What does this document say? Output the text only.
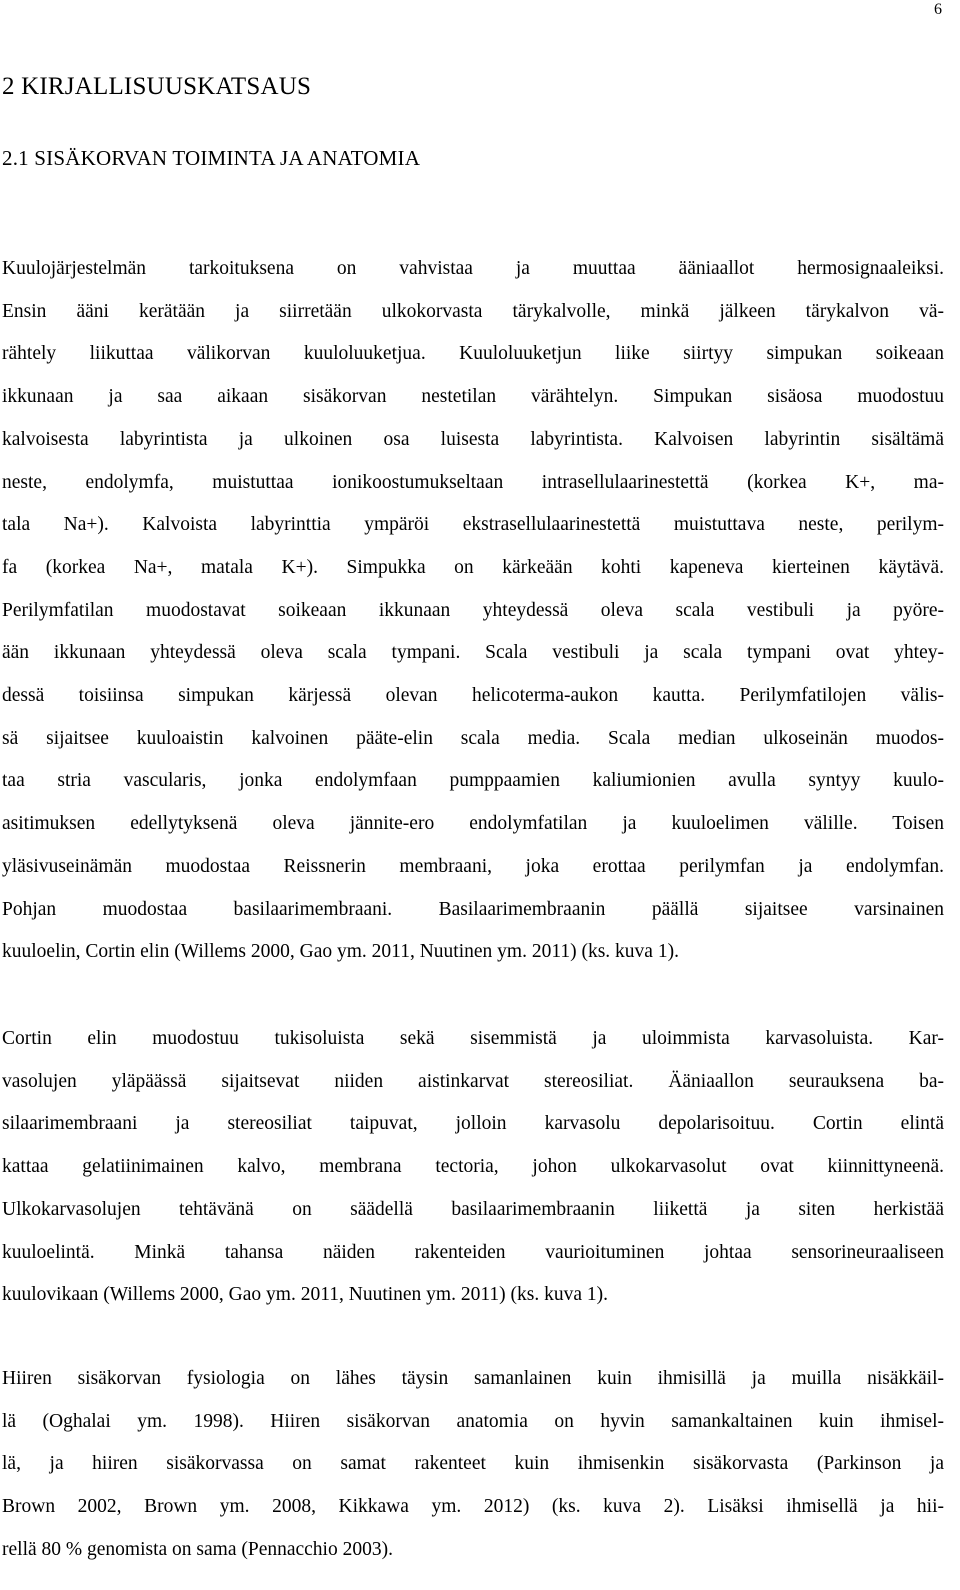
6
2 KIRJALLISUUSKATSAUS
2.1 SISÄKORVAN TOIMINTA JA ANATOMIA
Kuulojärjestelmän tarkoituksena on vahvistaa ja muuttaa ääniaallot hermosignaaleiksi.
Ensin ääni kerätään ja siirretään ulkokorvasta tärykalvolle, minkä jälkeen tärykalvon vä-
rähtely liikuttaa välikorvan kuuloluuketjua. Kuuloluuketjun liike siirtyy simpukan soikeaan
ikkunaan ja saa aikaan sisäkorvan nestetilan värähtelyn. Simpukan sisäosa muodostuu
kalvoisesta labyrintista ja ulkoinen osa luisesta labyrintista. Kalvoisen labyrintin sisältämä
neste, endolymfa, muistuttaa ionikoostumukseltaan intrasellulaarinestettä (korkea K+, ma-
tala Na+). Kalvoista labyrinttia ympäröi ekstrasellulaarinestettä muistuttava neste, perilym-
fa (korkea Na+, matala K+). Simpukka on kärkeään kohti kapeneva kierteinen käytävä.
Perilymfatilan muodostavat soikeaan ikkunaan yhteydessä oleva scala vestibuli ja pyöre-
ään ikkunaan yhteydessä oleva scala tympani. Scala vestibuli ja scala tympani ovat yhtey-
dessä toisiinsa simpukan kärjessä olevan helicoterma-aukon kautta. Perilymfatilojen välis-
sä sijaitsee kuuloaistin kalvoinen pääte-elin scala media. Scala median ulkoseinän muodos-
taa stria vascularis, jonka endolymfaan pumppaamien kaliumionien avulla syntyy kuulo-
asitimuksen edellytyksenä oleva jännite-ero endolymfatilan ja kuuloelimen välille. Toisen
yläsivuseinämän muodostaa Reissnerin membraani, joka erottaa perilymfan ja endolymfan.
Pohjan muodostaa basilaarimembraani. Basilaarimembraanin päällä sijaitsee varsinainen
kuuloelin, Cortin elin (Willems 2000, Gao ym. 2011, Nuutinen ym. 2011) (ks. kuva 1).
Cortin elin muodostuu tukisoluista sekä sisemmistä ja uloimmista karvasoluista. Kar-
vasolujen yläpäässä sijaitsevat niiden aistinkarvat stereosiliat. Ääniaallon seurauksena ba-
silaarimembraani ja stereosiliat taipuvat, jolloin karvasolu depolarisoituu. Cortin elintä
kattaa gelatiinimainen kalvo, membrana tectoria, johon ulkokarvasolut ovat kiinnittyneenä.
Ulkokarvasolujen tehtävänä on säädellä basilaarimembraanin liikettä ja siten herkistää
kuuloelintä. Minkä tahansa näiden rakenteiden vaurioituminen johtaa sensorineuraaliseen
kuulovikaan (Willems 2000, Gao ym. 2011, Nuutinen ym. 2011) (ks. kuva 1).
Hiiren sisäkorvan fysiologia on lähes täysin samanlainen kuin ihmisillä ja muilla nisäkkäil-
lä (Oghalai ym. 1998). Hiiren sisäkorvan anatomia on hyvin samankaltainen kuin ihmisel-
lä, ja hiiren sisäkorvassa on samat rakenteet kuin ihmisenkin sisäkorvasta (Parkinson ja
Brown 2002, Brown ym. 2008, Kikkawa ym. 2012) (ks. kuva 2). Lisäksi ihmisellä ja hii-
rellä 80 % genomista on sama (Pennacchio 2003).
